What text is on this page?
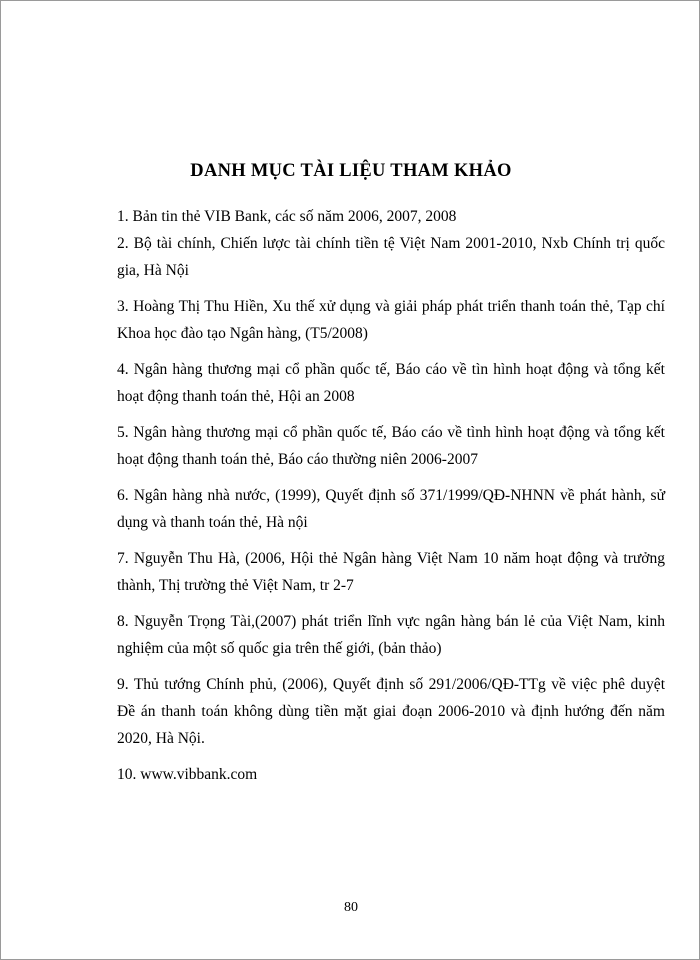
DANH MỤC TÀI LIỆU THAM KHẢO

1. Bản tin thẻ VIB Bank, các số năm 2006, 2007, 2008

2. Bộ tài chính, Chiến lược tài chính tiền tệ Việt Nam 2001-2010, Nxb Chính trị quốc gia, Hà Nội

3. Hoàng Thị Thu Hiền, Xu thế xử dụng và giải pháp phát triển thanh toán thẻ, Tạp chí Khoa học đào tạo Ngân hàng, (T5/2008)

4. Ngân hàng thương mại cổ phần quốc tế, Báo cáo về tìn hình hoạt động và tổng kết hoạt động thanh toán thẻ, Hội an 2008

5. Ngân hàng thương mại cổ phần quốc tế, Báo cáo về tình hình hoạt động và tổng kết hoạt động thanh toán thẻ, Báo cáo thường niên 2006-2007

6. Ngân hàng nhà nước, (1999), Quyết định số 371/1999/QĐ-NHNN về phát hành, sử dụng và thanh toán thẻ, Hà nội

7. Nguyễn Thu Hà, (2006, Hội thẻ Ngân hàng Việt Nam 10 năm hoạt động và trưởng thành, Thị trường thẻ Việt Nam, tr 2-7

8. Nguyễn Trọng Tài,(2007) phát triển lĩnh vực ngân hàng bán lẻ của Việt Nam, kinh nghiệm của một số quốc gia trên thế giới, (bản thảo)

9. Thủ tướng Chính phủ, (2006), Quyết định số 291/2006/QĐ-TTg về việc phê duyệt Đề án thanh toán không dùng tiền mặt giai đoạn 2006-2010 và định hướng đến năm 2020, Hà Nội.

10. www.vibbank.com

80
